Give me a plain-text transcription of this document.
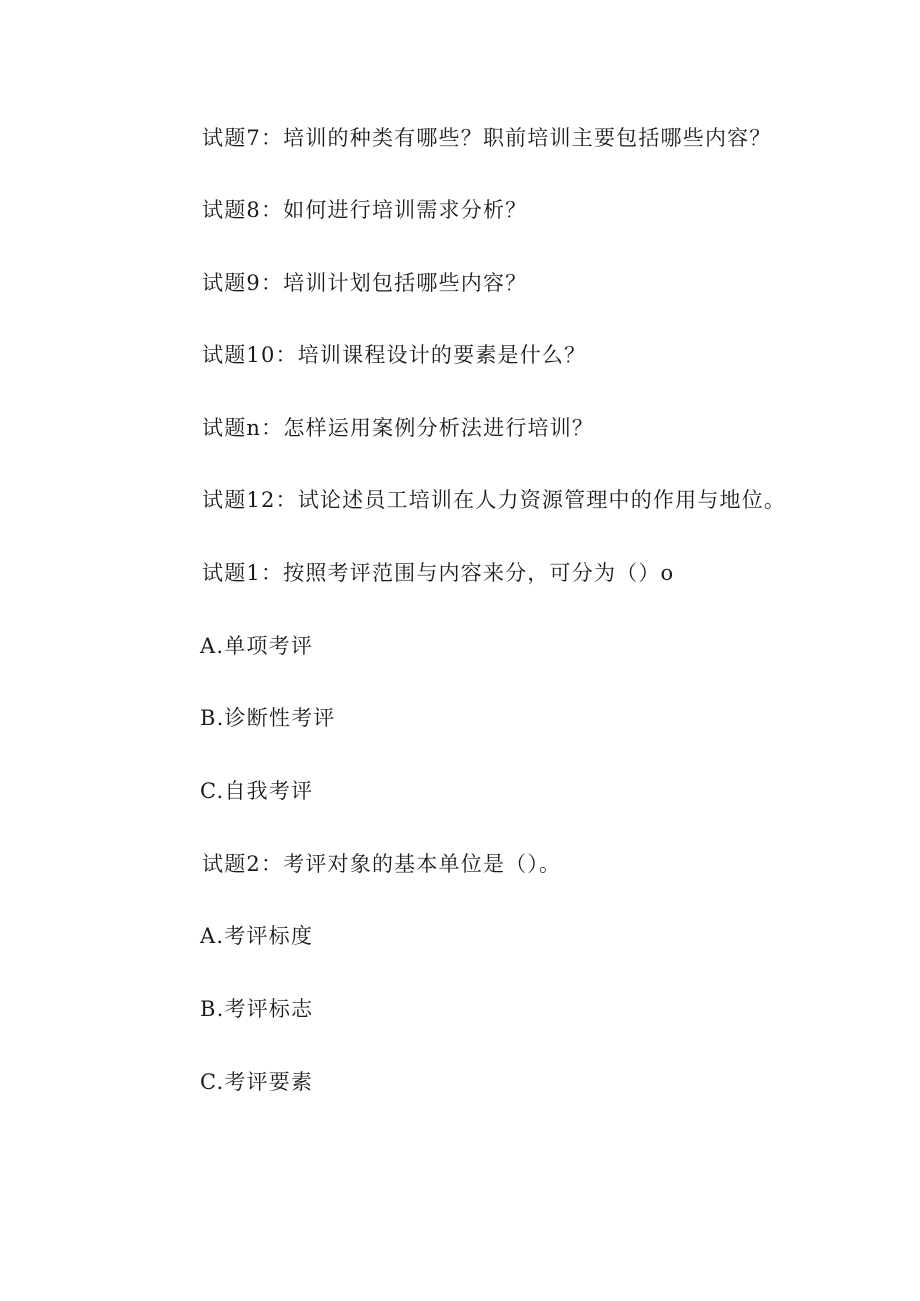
试题7：培训的种类有哪些？职前培训主要包括哪些内容？

试题8：如何进行培训需求分析？

试题9：培训计划包括哪些内容？

试题10：培训课程设计的要素是什么？

试题n：怎样运用案例分析法进行培训？

试题12：试论述员工培训在人力资源管理中的作用与地位。

试题1：按照考评范围与内容来分，可分为（）o

A.单项考评

B.诊断性考评

C.自我考评

试题2：考评对象的基本单位是（）。

A.考评标度

B.考评标志

C.考评要素
